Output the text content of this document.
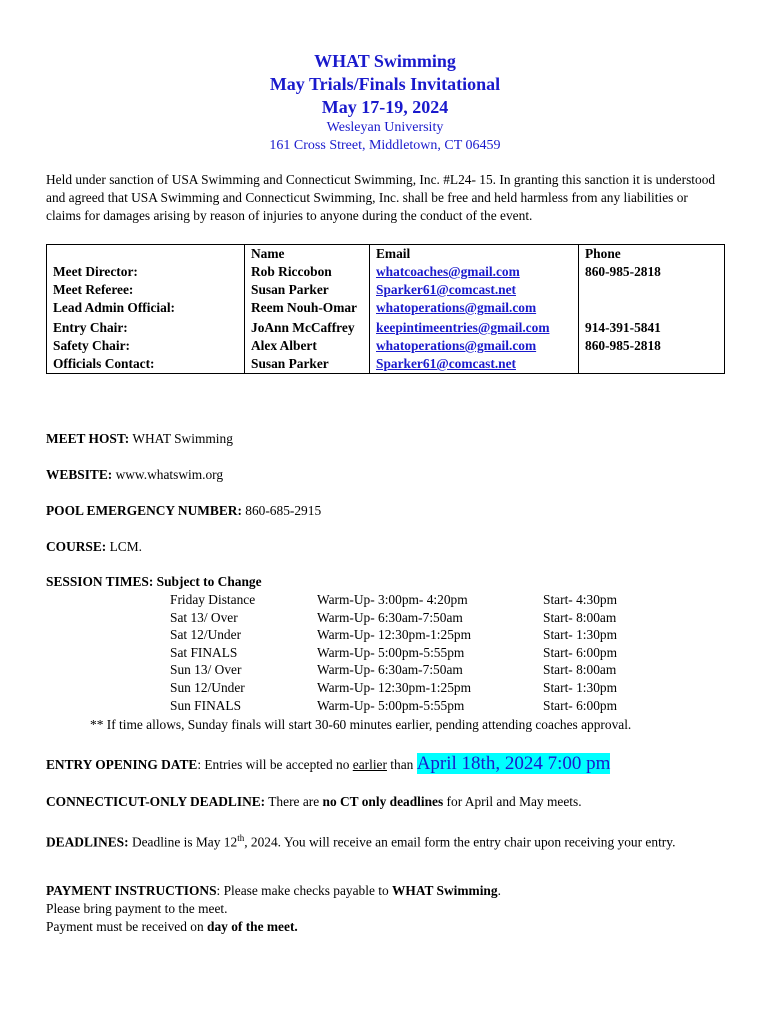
WHAT Swimming
May Trials/Finals Invitational
May 17-19, 2024
Wesleyan University
161 Cross Street, Middletown, CT 06459
Held under sanction of USA Swimming and Connecticut Swimming, Inc. #L24- 15. In granting this sanction it is understood and agreed that USA Swimming and Connecticut Swimming, Inc. shall be free and held harmless from any liabilities or claims for damages arising by reason of injuries to anyone during the conduct of the event.
	Name	Email	Phone
Meet Director:	Rob Riccobon	whatcoaches@gmail.com	860-985-2818
Meet Referee:	Susan Parker	Sparker61@comcast.net	
Lead Admin Official:	Reem Nouh-Omar	whatoperations@gmail.com	
Entry Chair:	JoAnn McCaffrey	keepintimeentries@gmail.com	914-391-5841
Safety Chair:	Alex Albert	whatoperations@gmail.com	860-985-2818
Officials Contact:	Susan Parker	Sparker61@comcast.net	
MEET HOST: WHAT Swimming
WEBSITE: www.whatswim.org
POOL EMERGENCY NUMBER: 860-685-2915
COURSE: LCM.
SESSION TIMES: Subject to Change
Friday Distance	Warm-Up- 3:00pm- 4:20pm	Start- 4:30pm
Sat 13/ Over	Warm-Up- 6:30am-7:50am	Start- 8:00am
Sat 12/Under	Warm-Up- 12:30pm-1:25pm	Start- 1:30pm
Sat FINALS	Warm-Up- 5:00pm-5:55pm	Start- 6:00pm
Sun 13/ Over	Warm-Up- 6:30am-7:50am	Start- 8:00am
Sun 12/Under	Warm-Up- 12:30pm-1:25pm	Start- 1:30pm
Sun FINALS	Warm-Up- 5:00pm-5:55pm	Start- 6:00pm
** If time allows, Sunday finals will start 30-60 minutes earlier, pending attending coaches approval.
ENTRY OPENING DATE: Entries will be accepted no earlier than April 18th, 2024 7:00 pm
CONNECTICUT-ONLY DEADLINE: There are no CT only deadlines for April and May meets.
DEADLINES: Deadline is May 12th, 2024. You will receive an email form the entry chair upon receiving your entry.
PAYMENT INSTRUCTIONS: Please make checks payable to WHAT Swimming.
Please bring payment to the meet.
Payment must be received on day of the meet.
